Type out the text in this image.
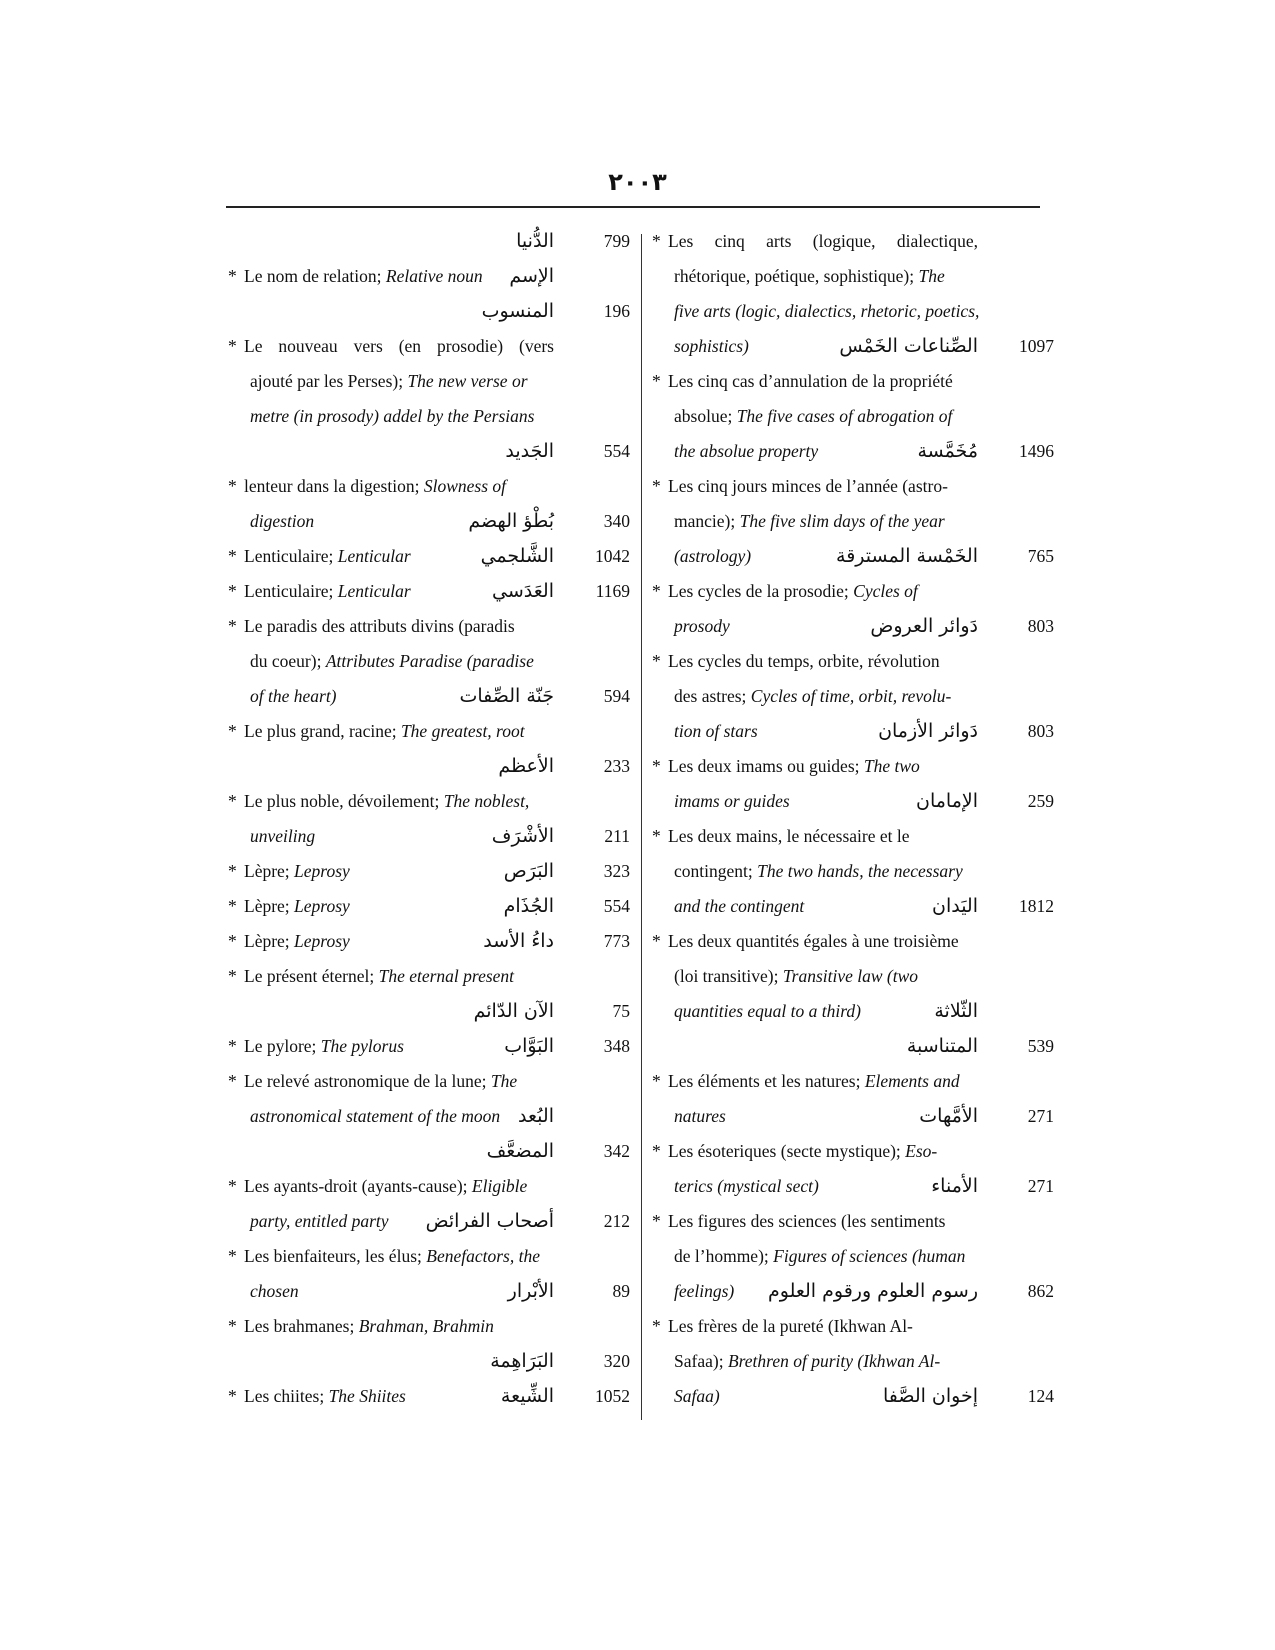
٢٠٠٣
الدُّنيا	799
* Le nom de relation; Relative noun الإسم
المنسوب	196
* Le nouveau vers (en prosodie) (vers
ajouté par les Perses); The new verse or
metre (in prosody) addel by the Persians
الجَديد	554
* lenteur dans la digestion; Slowness of
digestion	بُطْؤ الهضم	340
* Lenticulaire; Lenticular	الشَّلجمي 1042
* Lenticulaire; Lenticular	العَدَسي 1169
* Le paradis des attributs divins (paradis
du coeur); Attributes Paradise (paradise
of the heart)	جَنّة الصِّفات	594
* Le plus grand, racine; The greatest, root
الأعظم	233
* Le plus noble, dévoilement; The noblest,
unveiling	الأشْرَف	211
* Lèpre; Leprosy	البَرَص	323
* Lèpre; Leprosy	الجُذَام	554
* Lèpre; Leprosy	داءُ الأسد	773
* Le présent éternel; The eternal present
الآن الدّائم	75
* Le pylore; The pylorus	البَوَّاب	348
* Le relevé astronomique de la lune; The
astronomical statement of the moon البُعد
المضعَّف	342
* Les ayants-droit (ayants-cause); Eligible
party, entitled party أصحاب الفرائض	212
* Les bienfaiteurs, les élus; Benefactors, the
chosen	الأبْرار	89
* Les brahmanes; Brahman, Brahmin
البَرَاهِمة	320
* Les chiites; The Shiites	الشِّيعة 1052
* Les cinq arts (logique, dialectique,
rhétorique, poétique, sophistique); The
five arts (logic, dialectics, rhetoric, poetics,
sophistics)	الصِّناعات الخَمْس 1097
* Les cinq cas d’annulation de la propriété
absolue; The five cases of abrogation of
the absolue property	مُخَمَّسة 1496
* Les cinq jours minces de l’année (astro-
mancie); The five slim days of the year
(astrology)	الخَمْسة المسترقة	765
* Les cycles de la prosodie; Cycles of
prosody	دَوائر العروض	803
* Les cycles du temps, orbite, révolution
des astres; Cycles of time, orbit, revolu-
tion of stars	دَوائر الأزمان	803
* Les deux imams ou guides; The two
imams or guides	الإمامان	259
* Les deux mains, le nécessaire et le
contingent; The two hands, the necessary
and the contingent	اليَدان 1812
* Les deux quantités égales à une troisième
(loi transitive); Transitive law (two
quantities equal to a third)	الثّلاثة
المتناسبة	539
* Les éléments et les natures; Elements and
natures	الأمَّهات	271
* Les ésoteriques (secte mystique); Eso-
terics (mystical sect)	الأمناء	271
* Les figures des sciences (les sentiments
de l’homme); Figures of sciences (human
feelings) رسوم العلوم ورقوم العلوم	862
* Les frères de la pureté (Ikhwan Al-
Safaa); Brethren of purity (Ikhwan Al-
Safaa)	إخوان الصَّفا	124
